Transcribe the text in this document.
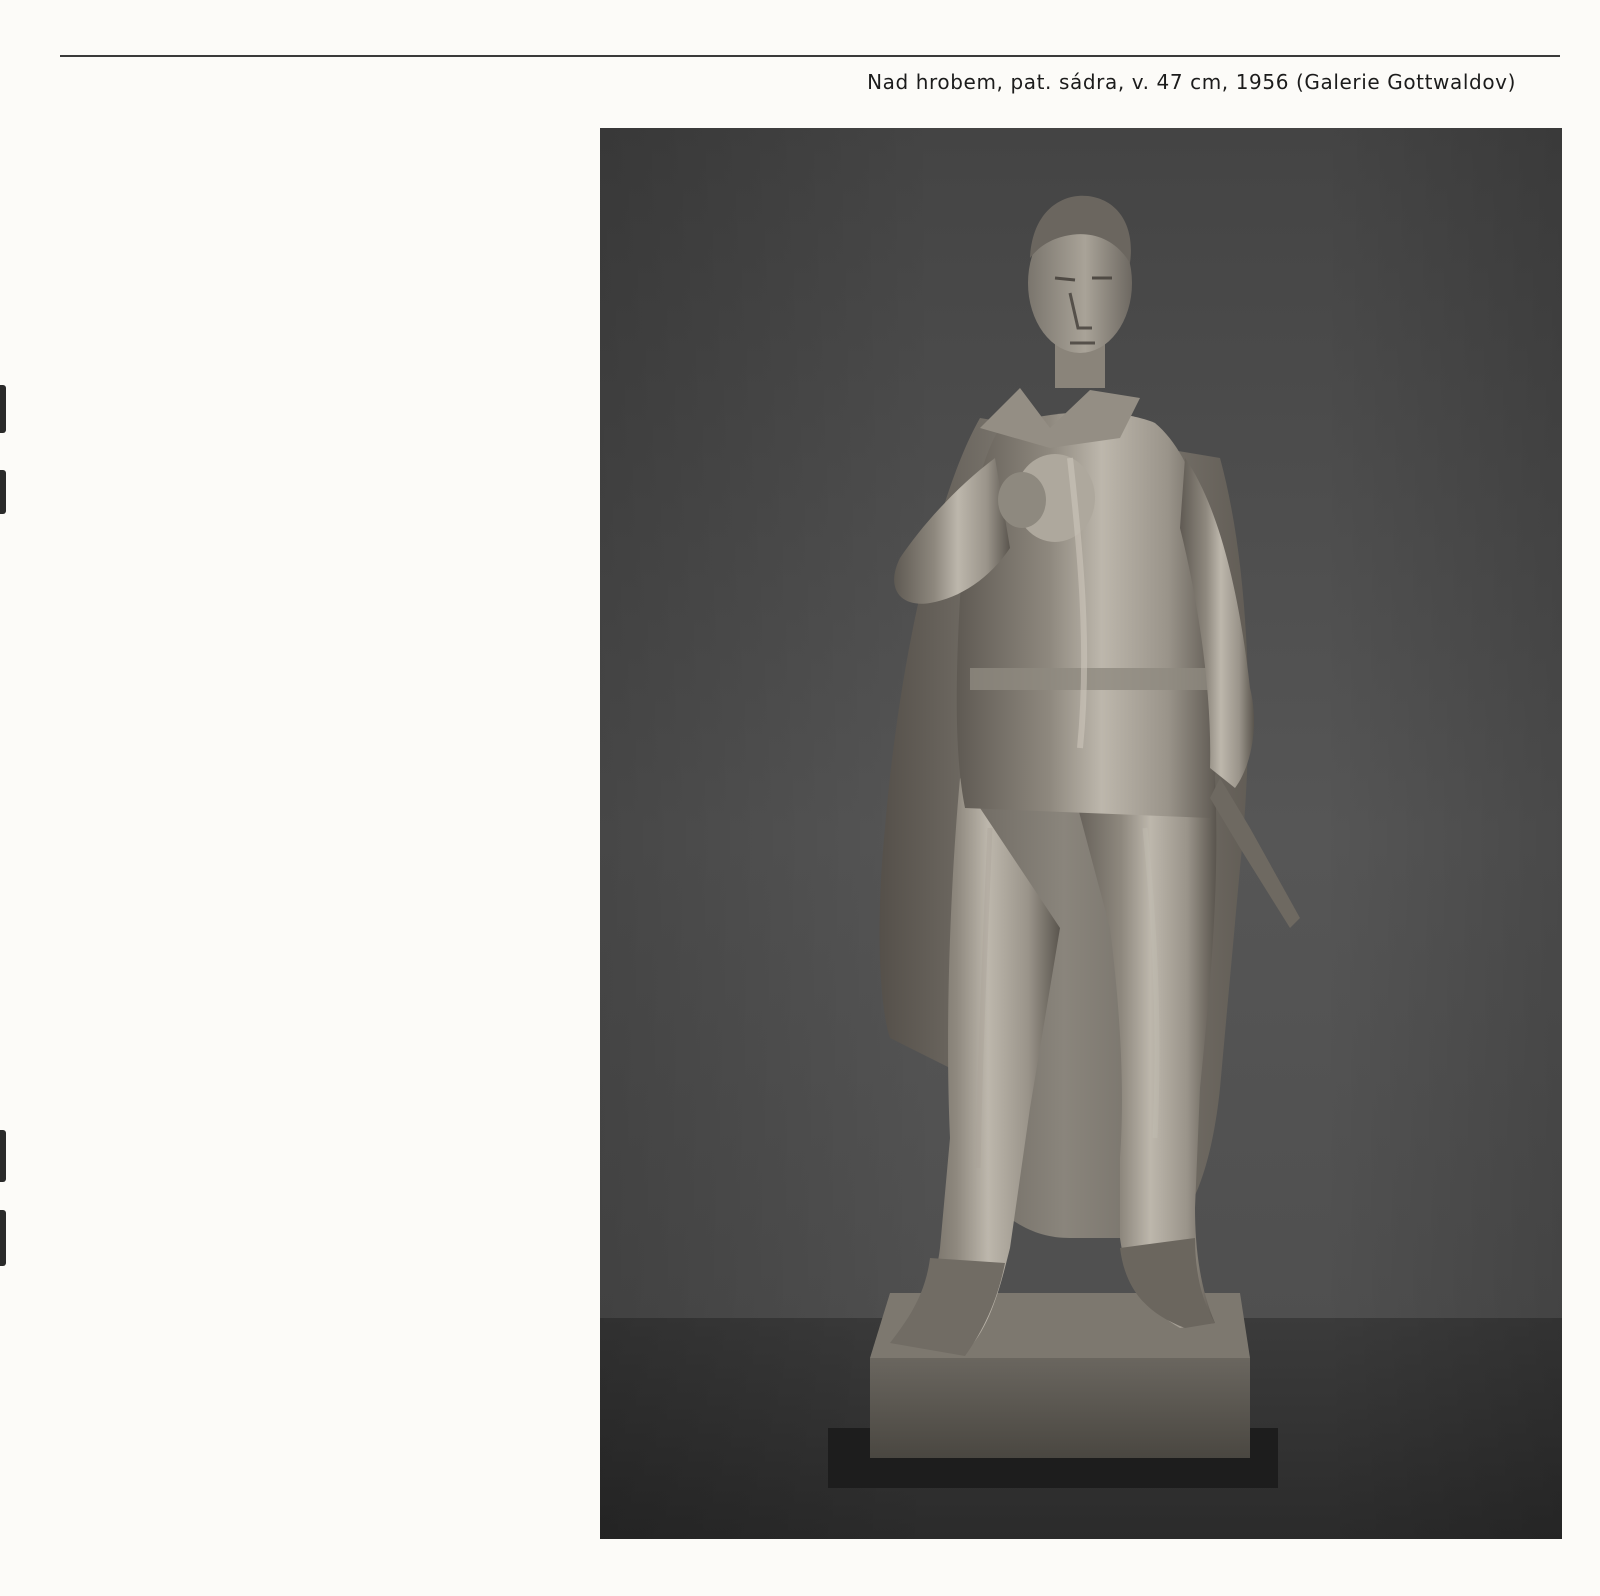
Nad hrobem, pat. sádra, v. 47 cm, 1956 (Galerie Gottwaldov)
